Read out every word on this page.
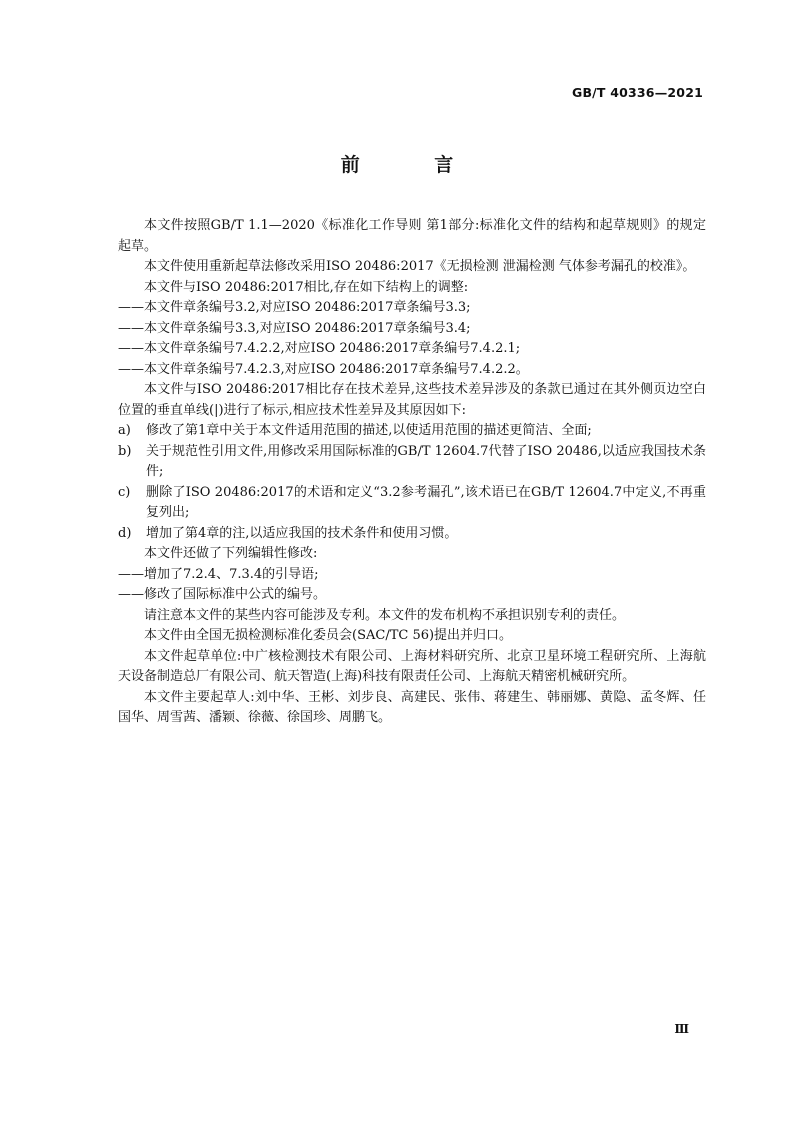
GB/T 40336—2021
前 言

本文件按照GB/T 1.1—2020《标准化工作导则 第1部分:标准化文件的结构和起草规则》的规定起草。

本文件使用重新起草法修改采用ISO 20486:2017《无损检测 泄漏检测 气体参考漏孔的校准》。

本文件与ISO 20486:2017相比,存在如下结构上的调整:

——本文件章条编号3.2,对应ISO 20486:2017章条编号3.3;

——本文件章条编号3.3,对应ISO 20486:2017章条编号3.4;

——本文件章条编号7.4.2.2,对应ISO 20486:2017章条编号7.4.2.1;

——本文件章条编号7.4.2.3,对应ISO 20486:2017章条编号7.4.2.2。

本文件与ISO 20486:2017相比存在技术差异,这些技术差异涉及的条款已通过在其外侧页边空白位置的垂直单线(|)进行了标示,相应技术性差异及其原因如下:

a)	修改了第1章中关于本文件适用范围的描述,以使适用范围的描述更简洁、全面;
b)	关于规范性引用文件,用修改采用国际标准的GB/T 12604.7代替了ISO 20486,以适应我国技术条件;
c)	删除了ISO 20486:2017的术语和定义“3.2参考漏孔”,该术语已在GB/T 12604.7中定义,不再重复列出;
d)	增加了第4章的注,以适应我国的技术条件和使用习惯。

本文件还做了下列编辑性修改:

——增加了7.2.4、7.3.4的引导语;

——修改了国际标准中公式的编号。

请注意本文件的某些内容可能涉及专利。本文件的发布机构不承担识别专利的责任。

本文件由全国无损检测标准化委员会(SAC/TC 56)提出并归口。

本文件起草单位:中广核检测技术有限公司、上海材料研究所、北京卫星环境工程研究所、上海航天设备制造总厂有限公司、航天智造(上海)科技有限责任公司、上海航天精密机械研究所。

本文件主要起草人:刘中华、王彬、刘步良、高建民、张伟、蒋建生、韩丽娜、黄隐、孟冬辉、任国华、周雪茜、潘颖、徐薇、徐国珍、周鹏飞。

Ⅲ
